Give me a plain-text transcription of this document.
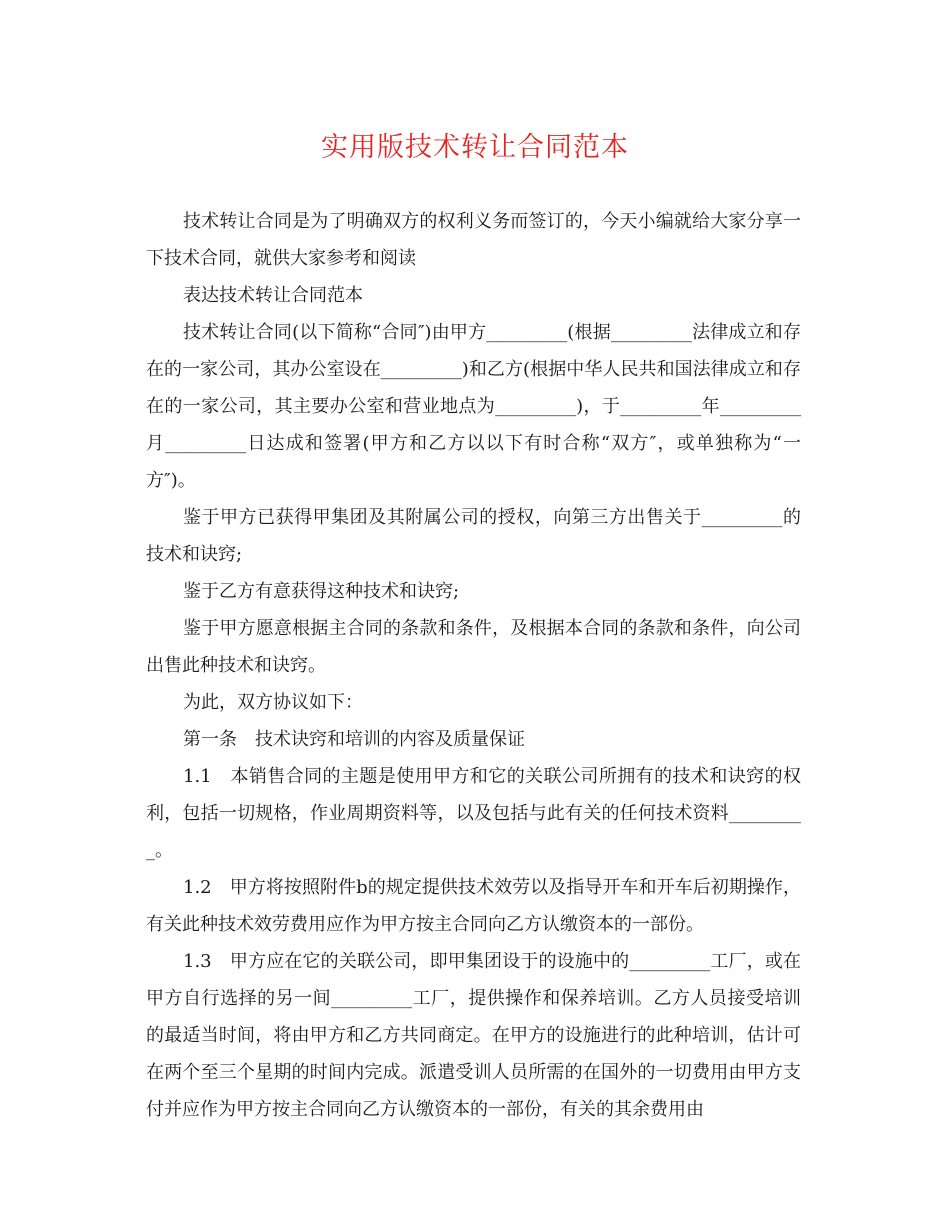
实用版技术转让合同范本

技术转让合同是为了明确双方的权利义务而签订的，今天小编就给大家分享一下技术合同，就供大家参考和阅读

表达技术转让合同范本

技术转让合同(以下简称“合同″)由甲方_________(根据_________法律成立和存在的一家公司，其办公室设在_________)和乙方(根据中华人民共和国法律成立和存在的一家公司，其主要办公室和营业地点为_________)，于_________年_________月_________日达成和签署(甲方和乙方以以下有时合称“双方″，或单独称为“一方″)。

鉴于甲方已获得甲集团及其附属公司的授权，向第三方出售关于_________的技术和诀窍;

鉴于乙方有意获得这种技术和诀窍;

鉴于甲方愿意根据主合同的条款和条件，及根据本合同的条款和条件，向公司出售此种技术和诀窍。

为此，双方协议如下：

第一条　技术诀窍和培训的内容及质量保证

1.1　本销售合同的主题是使用甲方和它的关联公司所拥有的技术和诀窍的权利，包括一切规格，作业周期资料等，以及包括与此有关的任何技术资料_________。

1.2　甲方将按照附件b的规定提供技术效劳以及指导开车和开车后初期操作，有关此种技术效劳费用应作为甲方按主合同向乙方认缴资本的一部份。

1.3　甲方应在它的关联公司，即甲集团设于的设施中的_________工厂，或在甲方自行选择的另一间_________工厂，提供操作和保养培训。乙方人员接受培训的最适当时间，将由甲方和乙方共同商定。在甲方的设施进行的此种培训，估计可在两个至三个星期的时间内完成。派遣受训人员所需的在国外的一切费用由甲方支付并应作为甲方按主合同向乙方认缴资本的一部份，有关的其余费用由
